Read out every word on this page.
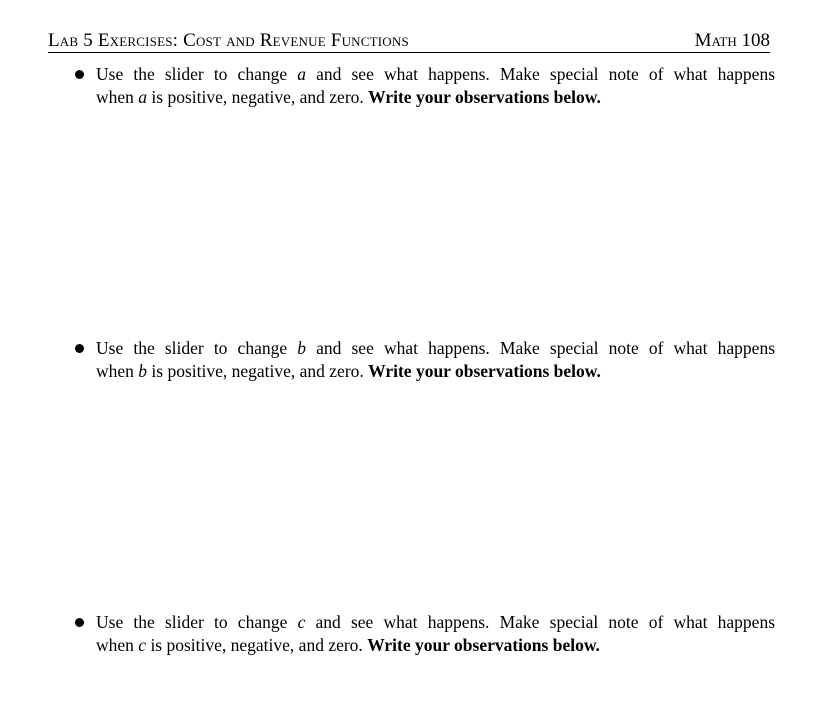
Lab 5 Exercises: Cost and Revenue Functions	Math 108
Use the slider to change a and see what happens. Make special note of what happens
when a is positive, negative, and zero. Write your observations below.
Use the slider to change b and see what happens. Make special note of what happens
when b is positive, negative, and zero. Write your observations below.
Use the slider to change c and see what happens. Make special note of what happens
when c is positive, negative, and zero. Write your observations below.
